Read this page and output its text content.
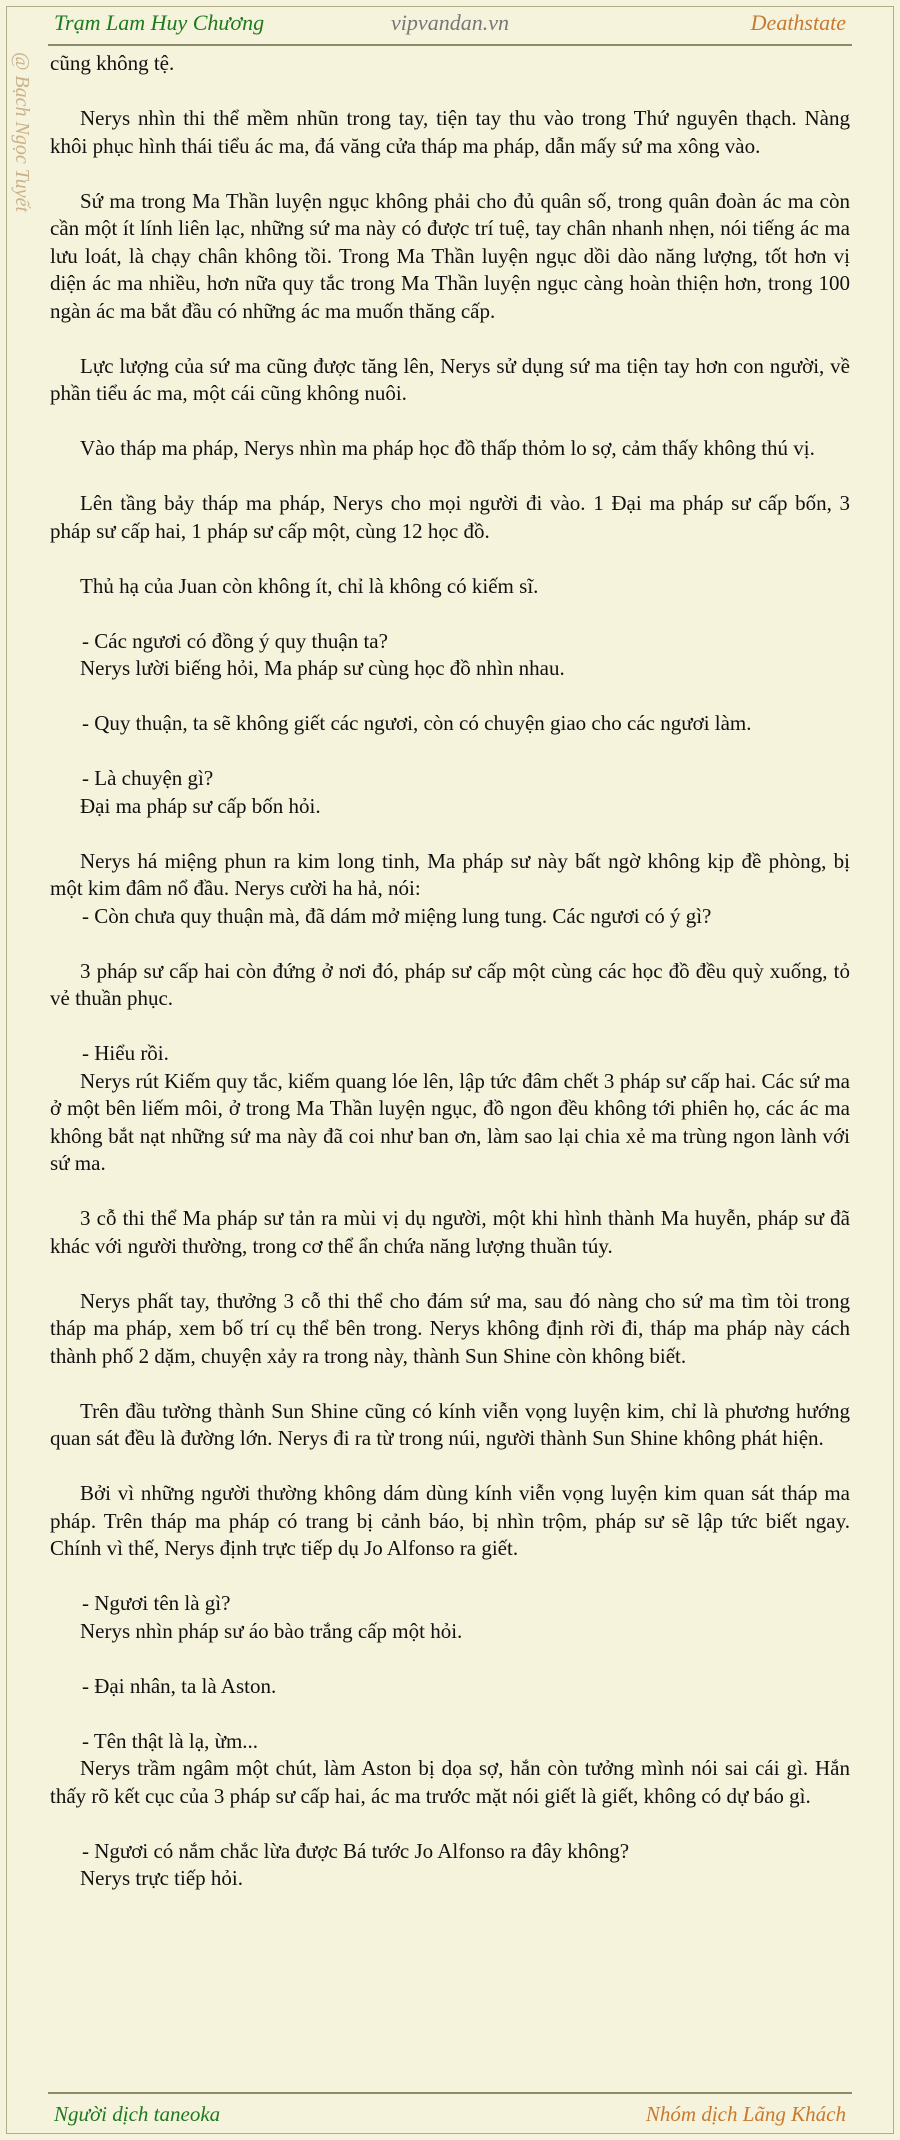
Trạm Lam Huy Chương	vipvandan.vn	Deathstate
@ Bạch Ngọc Tuyết cũng không tệ.

Nerys nhìn thi thể mềm nhũn trong tay, tiện tay thu vào trong Thứ nguyên thạch. Nàng khôi phục hình thái tiểu ác ma, đá văng cửa tháp ma pháp, dẫn mấy sứ ma xông vào.

Sứ ma trong Ma Thần luyện ngục không phải cho đủ quân số, trong quân đoàn ác ma còn cần một ít lính liên lạc, những sứ ma này có được trí tuệ, tay chân nhanh nhẹn, nói tiếng ác ma lưu loát, là chạy chân không tồi. Trong Ma Thần luyện ngục dồi dào năng lượng, tốt hơn vị diện ác ma nhiều, hơn nữa quy tắc trong Ma Thần luyện ngục càng hoàn thiện hơn, trong 100 ngàn ác ma bắt đầu có những ác ma muốn thăng cấp.

Lực lượng của sứ ma cũng được tăng lên, Nerys sử dụng sứ ma tiện tay hơn con người, về phần tiểu ác ma, một cái cũng không nuôi.

Vào tháp ma pháp, Nerys nhìn ma pháp học đồ thấp thỏm lo sợ, cảm thấy không thú vị.

Lên tầng bảy tháp ma pháp, Nerys cho mọi người đi vào. 1 Đại ma pháp sư cấp bốn, 3 pháp sư cấp hai, 1 pháp sư cấp một, cùng 12 học đồ.

Thủ hạ của Juan còn không ít, chỉ là không có kiếm sĩ.

- Các ngươi có đồng ý quy thuận ta?

Nerys lười biếng hỏi, Ma pháp sư cùng học đồ nhìn nhau.

- Quy thuận, ta sẽ không giết các ngươi, còn có chuyện giao cho các ngươi làm.

- Là chuyện gì?

Đại ma pháp sư cấp bốn hỏi.

Nerys há miệng phun ra kim long tinh, Ma pháp sư này bất ngờ không kịp đề phòng, bị một kim đâm nổ đầu. Nerys cười ha hả, nói:

- Còn chưa quy thuận mà, đã dám mở miệng lung tung. Các ngươi có ý gì?

3 pháp sư cấp hai còn đứng ở nơi đó, pháp sư cấp một cùng các học đồ đều quỳ xuống, tỏ vẻ thuần phục.

- Hiểu rồi.

Nerys rút Kiếm quy tắc, kiếm quang lóe lên, lập tức đâm chết 3 pháp sư cấp hai. Các sứ ma ở một bên liếm môi, ở trong Ma Thần luyện ngục, đồ ngon đều không tới phiên họ, các ác ma không bắt nạt những sứ ma này đã coi như ban ơn, làm sao lại chia xẻ ma trùng ngon lành với sứ ma.

3 cỗ thi thể Ma pháp sư tản ra mùi vị dụ người, một khi hình thành Ma huyễn, pháp sư đã khác với người thường, trong cơ thể ẩn chứa năng lượng thuần túy.

Nerys phất tay, thưởng 3 cỗ thi thể cho đám sứ ma, sau đó nàng cho sứ ma tìm tòi trong tháp ma pháp, xem bố trí cụ thể bên trong. Nerys không định rời đi, tháp ma pháp này cách thành phố 2 dặm, chuyện xảy ra trong này, thành Sun Shine còn không biết.

Trên đầu tường thành Sun Shine cũng có kính viễn vọng luyện kim, chỉ là phương hướng quan sát đều là đường lớn. Nerys đi ra từ trong núi, người thành Sun Shine không phát hiện.

Bởi vì những người thường không dám dùng kính viễn vọng luyện kim quan sát tháp ma pháp. Trên tháp ma pháp có trang bị cảnh báo, bị nhìn trộm, pháp sư sẽ lập tức biết ngay. Chính vì thế, Nerys định trực tiếp dụ Jo Alfonso ra giết.

- Ngươi tên là gì?

Nerys nhìn pháp sư áo bào trắng cấp một hỏi.

- Đại nhân, ta là Aston.

- Tên thật là lạ, ừm...

Nerys trầm ngâm một chút, làm Aston bị dọa sợ, hắn còn tưởng mình nói sai cái gì. Hắn thấy rõ kết cục của 3 pháp sư cấp hai, ác ma trước mặt nói giết là giết, không có dự báo gì.

- Ngươi có nắm chắc lừa được Bá tước Jo Alfonso ra đây không?

Nerys trực tiếp hỏi.

Người dịch taneoka	Nhóm dịch Lãng Khách
